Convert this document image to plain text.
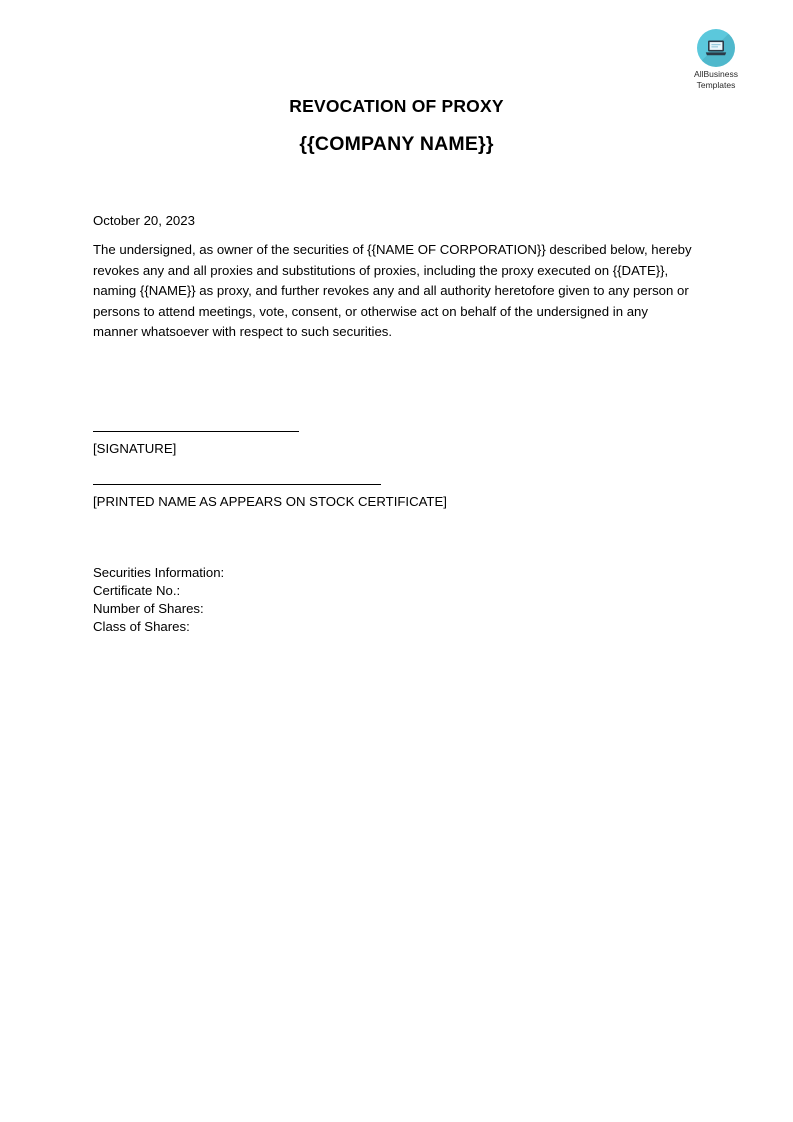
AllBusiness
Templates
REVOCATION OF PROXY
{{COMPANY NAME}}
October 20, 2023
The undersigned, as owner of the securities of {{NAME OF CORPORATION}} described below, hereby revokes any and all proxies and substitutions of proxies, including the proxy executed on {{DATE}}, naming {{NAME}} as proxy, and further revokes any and all authority heretofore given to any person or persons to attend meetings, vote, consent, or otherwise act on behalf of the undersigned in any manner whatsoever with respect to such securities.
[SIGNATURE]
[PRINTED NAME AS APPEARS ON STOCK CERTIFICATE]
Securities Information:
Certificate No.:
Number of Shares:
Class of Shares:
